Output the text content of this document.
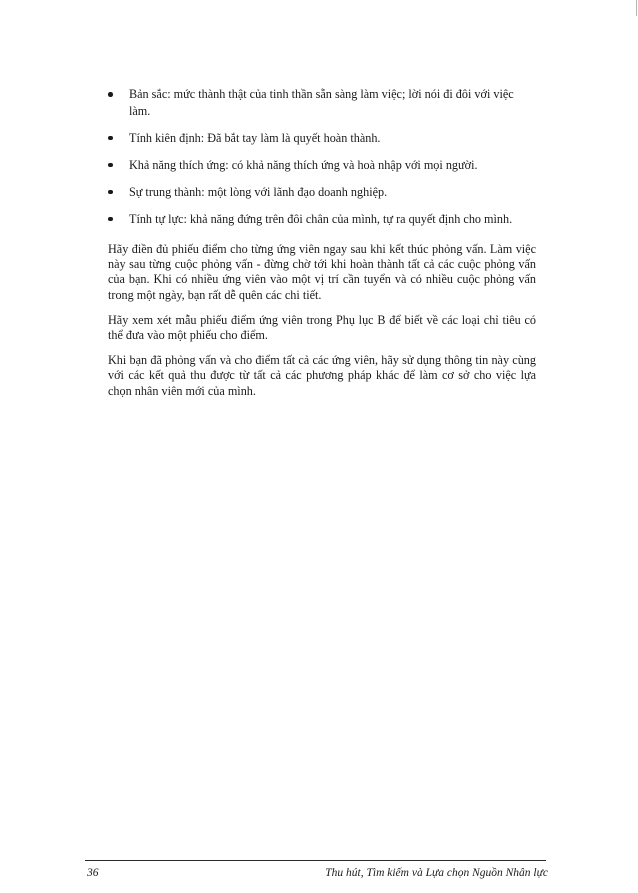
Bản sắc: mức thành thật của tinh thần sẵn sàng làm việc; lời nói đi đôi với việc làm.
Tính kiên định: Đã bắt tay làm là quyết hoàn thành.
Khả năng thích ứng: có khả năng thích ứng và hoà nhập với mọi người.
Sự trung thành: một lòng với lãnh đạo doanh nghiệp.
Tính tự lực: khả năng đứng trên đôi chân của mình, tự ra quyết định cho mình.

Hãy điền đủ phiếu điểm cho từng ứng viên ngay sau khi kết thúc phỏng vấn. Làm việc này sau từng cuộc phỏng vấn - đừng chờ tới khi hoàn thành tất cả các cuộc phỏng vấn của bạn. Khi có nhiều ứng viên vào một vị trí cần tuyển và có nhiều cuộc phỏng vấn trong một ngày, bạn rất dễ quên các chi tiết.

Hãy xem xét mẫu phiếu điểm ứng viên trong Phụ lục B để biết về các loại chỉ tiêu có thể đưa vào một phiếu cho điểm.

Khi bạn đã phỏng vấn và cho điểm tất cả các ứng viên, hãy sử dụng thông tin này cùng với các kết quả thu được từ tất cả các phương pháp khác để làm cơ sở cho việc lựa chọn nhân viên mới của mình.

36	Thu hút, Tìm kiếm và Lựa chọn Nguồn Nhân lực
